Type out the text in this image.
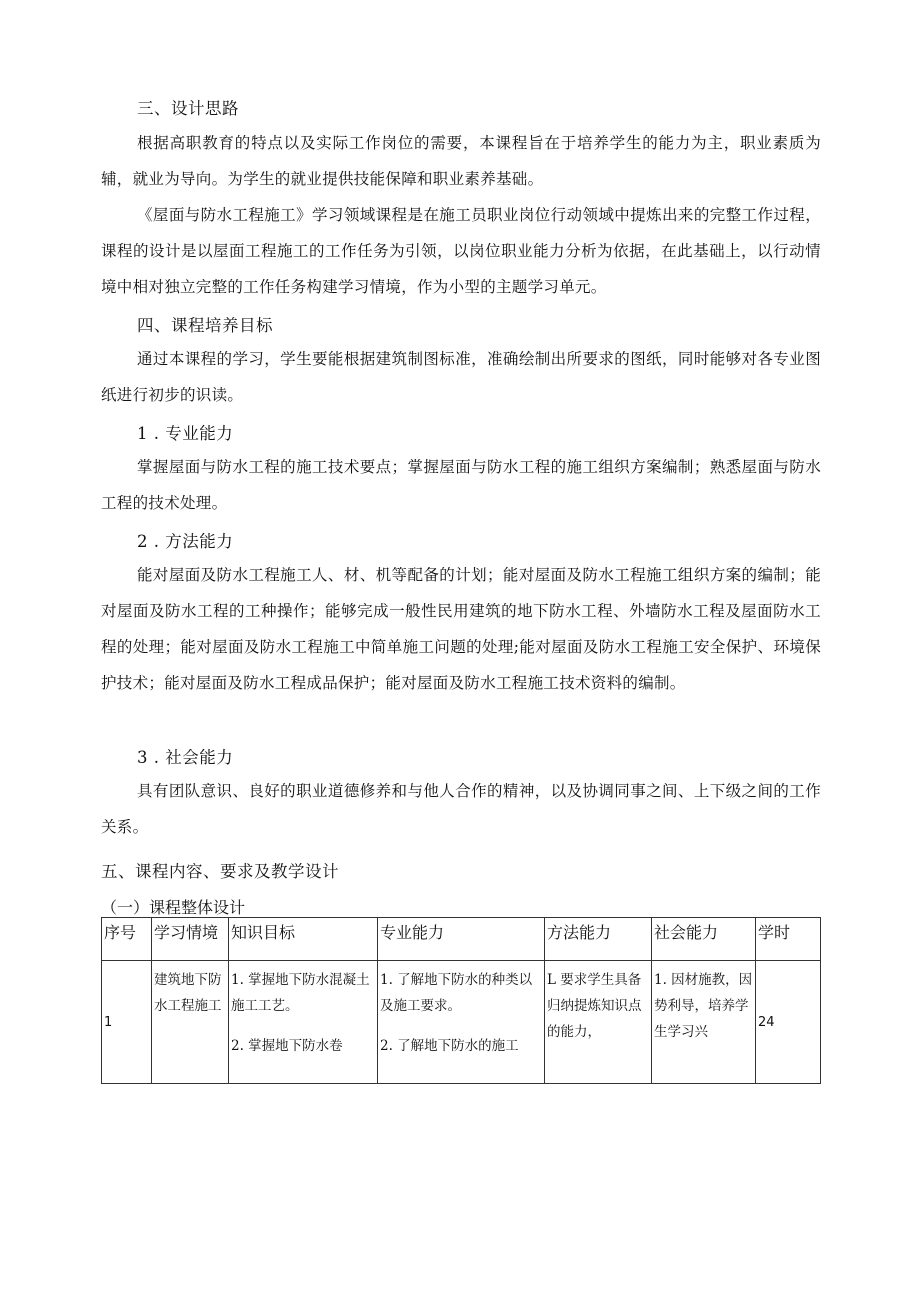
三、设计思路

根据高职教育的特点以及实际工作岗位的需要，本课程旨在于培养学生的能力为主，职业素质为辅，就业为导向。为学生的就业提供技能保障和职业素养基础。

《屋面与防水工程施工》学习领域课程是在施工员职业岗位行动领域中提炼出来的完整工作过程，课程的设计是以屋面工程施工的工作任务为引领，以岗位职业能力分析为依据，在此基础上，以行动情境中相对独立完整的工作任务构建学习情境，作为小型的主题学习单元。

四、课程培养目标

通过本课程的学习，学生要能根据建筑制图标准，准确绘制出所要求的图纸，同时能够对各专业图纸进行初步的识读。

1 . 专业能力

掌握屋面与防水工程的施工技术要点；掌握屋面与防水工程的施工组织方案编制；熟悉屋面与防水工程的技术处理。

2 . 方法能力

能对屋面及防水工程施工人、材、机等配备的计划；能对屋面及防水工程施工组织方案的编制；能对屋面及防水工程的工种操作；能够完成一般性民用建筑的地下防水工程、外墙防水工程及屋面防水工程的处理；能对屋面及防水工程施工中简单施工问题的处理;能对屋面及防水工程施工安全保护、环境保护技术；能对屋面及防水工程成品保护；能对屋面及防水工程施工技术资料的编制。

3 . 社会能力

具有团队意识、良好的职业道德修养和与他人合作的精神，以及协调同事之间、上下级之间的工作关系。

五、课程内容、要求及教学设计
（一）课程整体设计
序号	学习情境	知识目标	专业能力	方法能力	社会能力	学时
1	建筑地下防水工程施工	1. 掌握地下防水混凝土施工工艺。
2. 掌握地下防水卷	1. 了解地下防水的种类以及施工要求。
2. 了解地下防水的施工	L 要求学生具备归纳提炼知识点的能力，	1. 因材施教，因势利导，培养学生学习兴	24
